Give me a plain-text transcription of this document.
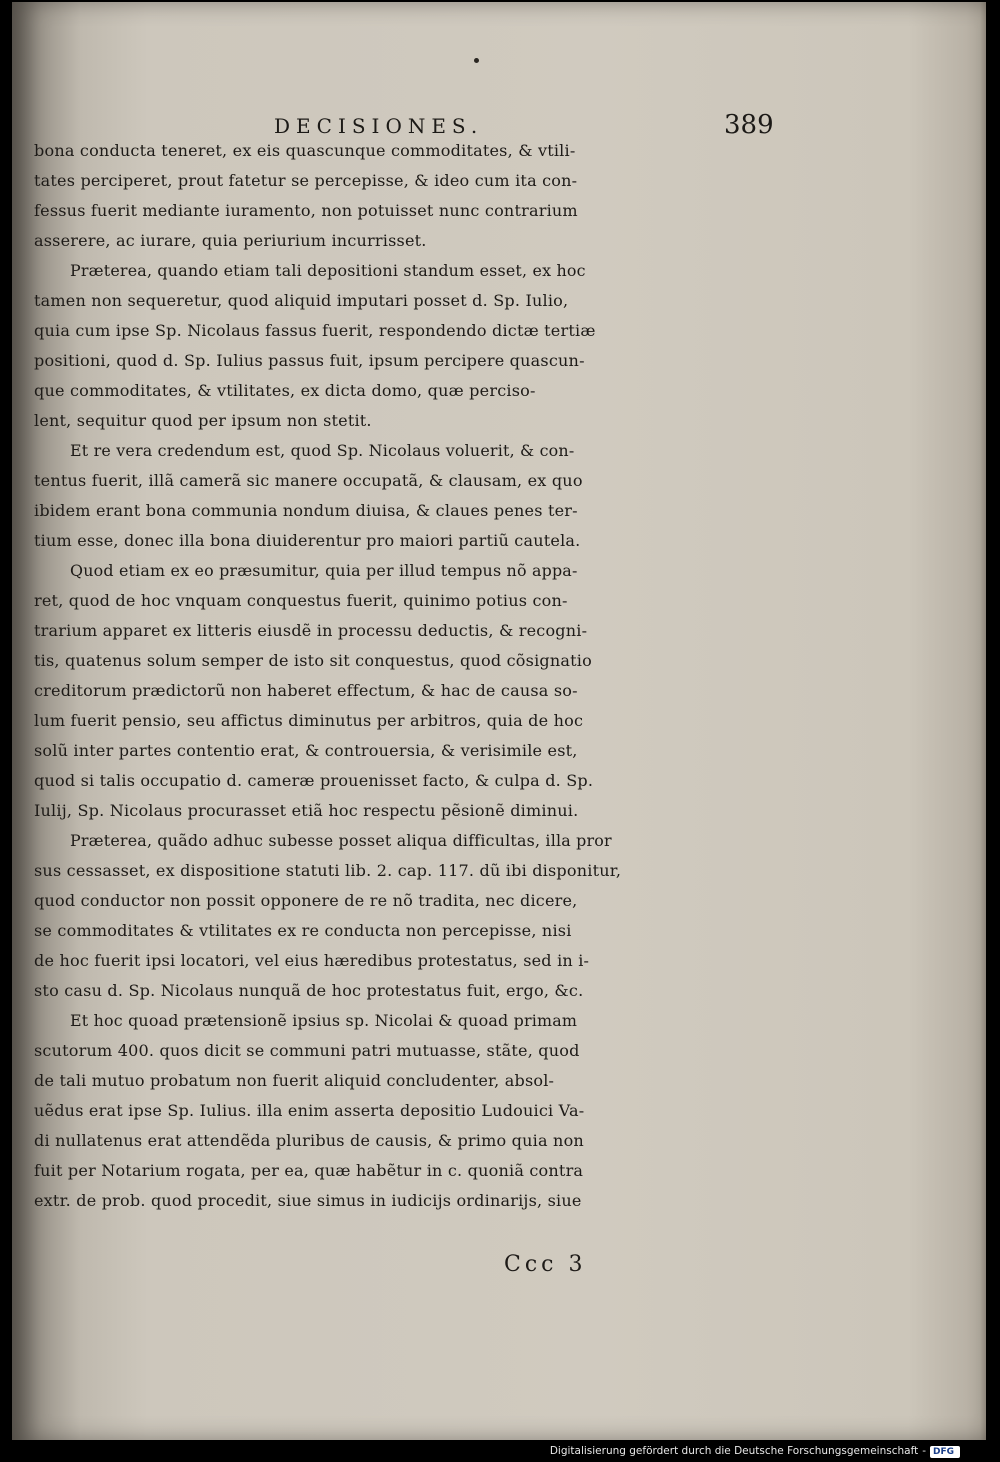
DECISIONES.	389
bona conducta teneret, ex eis quascunque commoditates, & vtili-
tates perciperet, prout fatetur se percepisse, & ideo cum ita con-
fessus fuerit mediante iuramento, non potuisset nunc contrarium
asserere, ac iurare, quia periurium incurrisset.
Præterea, quando etiam tali depositioni standum esset, ex hoc
tamen non sequeretur, quod aliquid imputari posset d. Sp. Iulio,
quia cum ipse Sp. Nicolaus fassus fuerit, respondendo dictæ tertiæ
positioni, quod d. Sp. Iulius passus fuit, ipsum percipere quascun-
que commoditates, & vtilitates, ex dicta domo, quæ perciso-
lent, sequitur quod per ipsum non stetit.
Et re vera credendum est, quod Sp. Nicolaus voluerit, & con-
tentus fuerit, illã camerã sic manere occupatã, & clausam, ex quo
ibidem erant bona communia nondum diuisa, & claues penes ter-
tium esse, donec illa bona diuiderentur pro maiori partiũ cautela.
Quod etiam ex eo præsumitur, quia per illud tempus nõ appa-
ret, quod de hoc vnquam conquestus fuerit, quinimo potius con-
trarium apparet ex litteris eiusdẽ in processu deductis, & recogni-
tis, quatenus solum semper de isto sit conquestus, quod cõsignatio
creditorum prædictorũ non haberet effectum, & hac de causa so-
lum fuerit pensio, seu affictus diminutus per arbitros, quia de hoc
solũ inter partes contentio erat, & controuersia, & verisimile est,
quod si talis occupatio d. cameræ prouenisset facto, & culpa d. Sp.
Iulij, Sp. Nicolaus procurasset etiã hoc respectu pẽsionẽ diminui.
Præterea, quãdo adhuc subesse posset aliqua difficultas, illa pror
sus cessasset, ex dispositione statuti lib. 2. cap. 117. dũ ibi disponitur,
quod conductor non possit opponere de re nõ tradita, nec dicere,
se commoditates & vtilitates ex re conducta non percepisse, nisi
de hoc fuerit ipsi locatori, vel eius hæredibus protestatus, sed in i-
sto casu d. Sp. Nicolaus nunquã de hoc protestatus fuit, ergo, &c.
Et hoc quoad prætensionẽ ipsius sp. Nicolai & quoad primam
scutorum 400. quos dicit se communi patri mutuasse, stãte, quod
de tali mutuo probatum non fuerit aliquid concludenter, absol-
uẽdus erat ipse Sp. Iulius. illa enim asserta depositio Ludouici Va-
di nullatenus erat attendẽda pluribus de causis, & primo quia non
fuit per Notarium rogata, per ea, quæ habẽtur in c. quoniã contra
extr. de prob. quod procedit, siue simus in iudicijs ordinarijs, siue
Ccc 3
Digitalisierung gefördert durch die Deutsche Forschungsgemeinschaft - DFG
